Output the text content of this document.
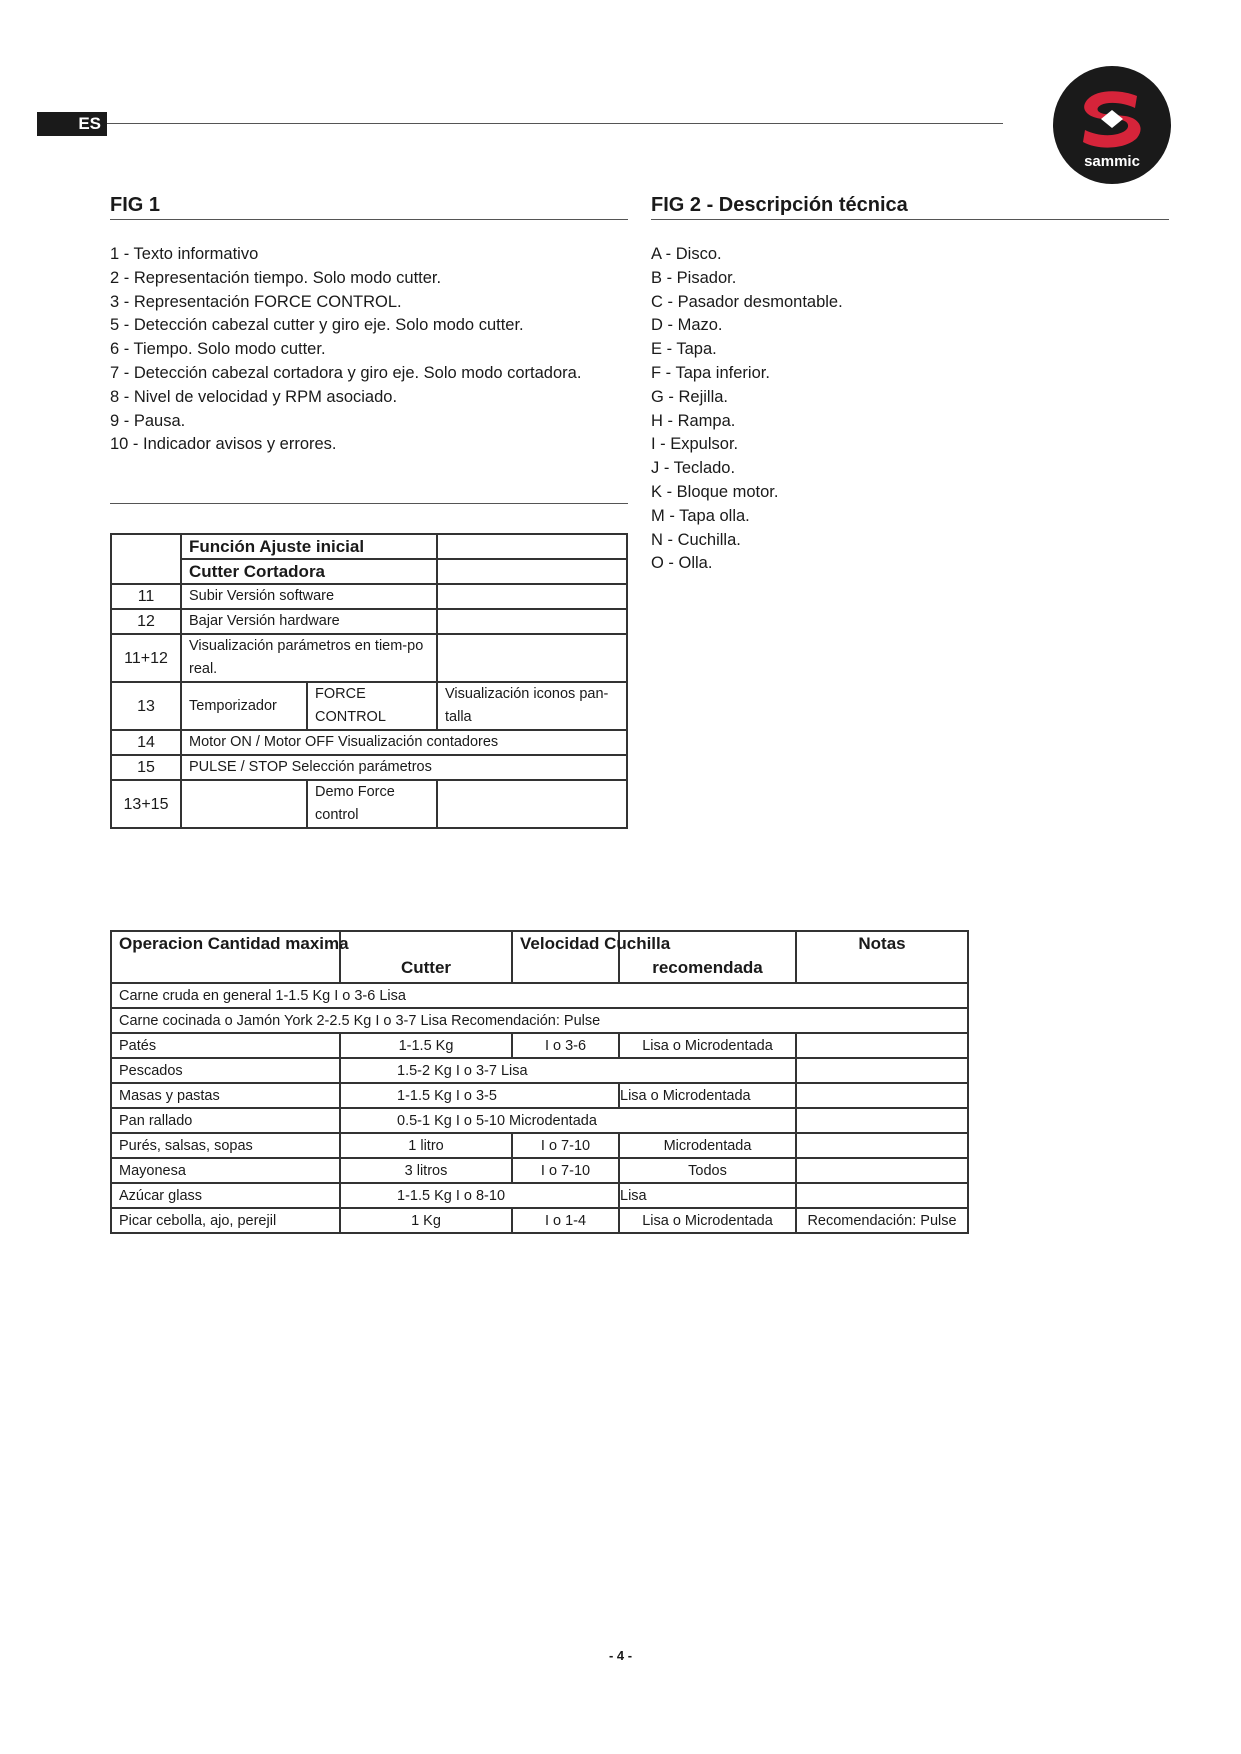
ES
sammic
FIG 1
1 - Texto informativo
2 - Representación tiempo. Solo modo cutter.
3 - Representación FORCE CONTROL.
5 - Detección cabezal cutter y giro eje. Solo modo cutter.
6 - Tiempo. Solo modo cutter.
7 - Detección cabezal cortadora y giro eje. Solo modo cortadora.
8 - Nivel de velocidad y RPM asociado.
9 - Pausa.
10 - Indicador avisos y errores.
FIG 2 - Descripción técnica
A - Disco.
B - Pisador.
C - Pasador desmontable.
D - Mazo.
E - Tapa.
F - Tapa inferior.
G - Rejilla.
H - Rampa.
I - Expulsor.
J - Teclado.
K - Bloque motor.
M - Tapa olla.
N - Cuchilla.
O - Olla.
	Función Ajuste inicial		
	Cutter Cortadora		
11	Subir Versión software		
12	Bajar Versión hardware		
11+12	Visualización parámetros en tiem-po real.		
13	Temporizador	FORCE CONTROL	Visualización iconos pan-talla
14	Motor ON / Motor OFF Visualización contadores		
15	PULSE / STOP Selección parámetros		
13+15		Demo Force control	
Operacion Cantidad maxima	Cutter	Velocidad Cuchilla	recomendada	Notas

Carne cruda en general 1-1.5 Kg I o 3-6 Lisa				
Carne cocinada o Jamón York 2-2.5 Kg I o 3-7 Lisa Recomendación: Pulse				
Patés	1-1.5 Kg	I o 3-6	Lisa o Microdentada	
Pescados	1.5-2 Kg I o 3-7 Lisa			
Masas y pastas	1-1.5 Kg I o 3-5		Lisa o Microdentada	
Pan rallado	0.5-1 Kg I o 5-10 Microdentada			
Purés, salsas, sopas	1 litro	I o 7-10	Microdentada	
Mayonesa	3 litros	I o 7-10	Todos	
Azúcar glass	1-1.5 Kg I o 8-10		Lisa	
Picar cebolla, ajo, perejil	1 Kg	I o 1-4	Lisa o Microdentada	Recomendación: Pulse
- 4 -
